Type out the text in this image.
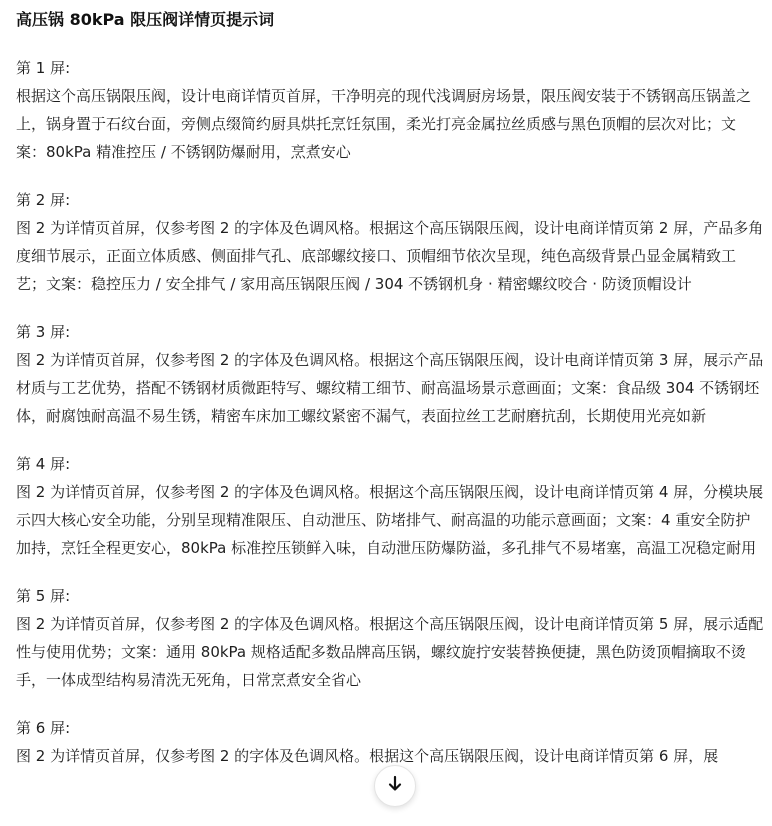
高压锅 80kPa 限压阀详情页提示词

第 1 屏:

根据这个高压锅限压阀，设计电商详情页首屏，干净明亮的现代浅调厨房场景，限压阀安装于不锈钢高压锅盖之上，锅身置于石纹台面，旁侧点缀简约厨具烘托烹饪氛围，柔光打亮金属拉丝质感与黑色顶帽的层次对比；文案：80kPa 精准控压 / 不锈钢防爆耐用，烹煮安心

第 2 屏:

图 2 为详情页首屏，仅参考图 2 的字体及色调风格。根据这个高压锅限压阀，设计电商详情页第 2 屏，产品多角度细节展示，正面立体质感、侧面排气孔、底部螺纹接口、顶帽细节依次呈现，纯色高级背景凸显金属精致工艺；文案：稳控压力 / 安全排气 / 家用高压锅限压阀 / 304 不锈钢机身 · 精密螺纹咬合 · 防烫顶帽设计

第 3 屏:

图 2 为详情页首屏，仅参考图 2 的字体及色调风格。根据这个高压锅限压阀，设计电商详情页第 3 屏，展示产品材质与工艺优势，搭配不锈钢材质微距特写、螺纹精工细节、耐高温场景示意画面；文案：食品级 304 不锈钢坯体，耐腐蚀耐高温不易生锈，精密车床加工螺纹紧密不漏气，表面拉丝工艺耐磨抗刮，长期使用光亮如新

第 4 屏:

图 2 为详情页首屏，仅参考图 2 的字体及色调风格。根据这个高压锅限压阀，设计电商详情页第 4 屏，分模块展示四大核心安全功能，分别呈现精准限压、自动泄压、防堵排气、耐高温的功能示意画面；文案：4 重安全防护加持，烹饪全程更安心，80kPa 标准控压锁鲜入味，自动泄压防爆防溢，多孔排气不易堵塞，高温工况稳定耐用

第 5 屏:

图 2 为详情页首屏，仅参考图 2 的字体及色调风格。根据这个高压锅限压阀，设计电商详情页第 5 屏，展示适配性与使用优势；文案：通用 80kPa 规格适配多数品牌高压锅，螺纹旋拧安装替换便捷，黑色防烫顶帽摘取不烫手，一体成型结构易清洗无死角，日常烹煮安全省心

第 6 屏:

图 2 为详情页首屏，仅参考图 2 的字体及色调风格。根据这个高压锅限压阀，设计电商详情页第 6 屏，展
